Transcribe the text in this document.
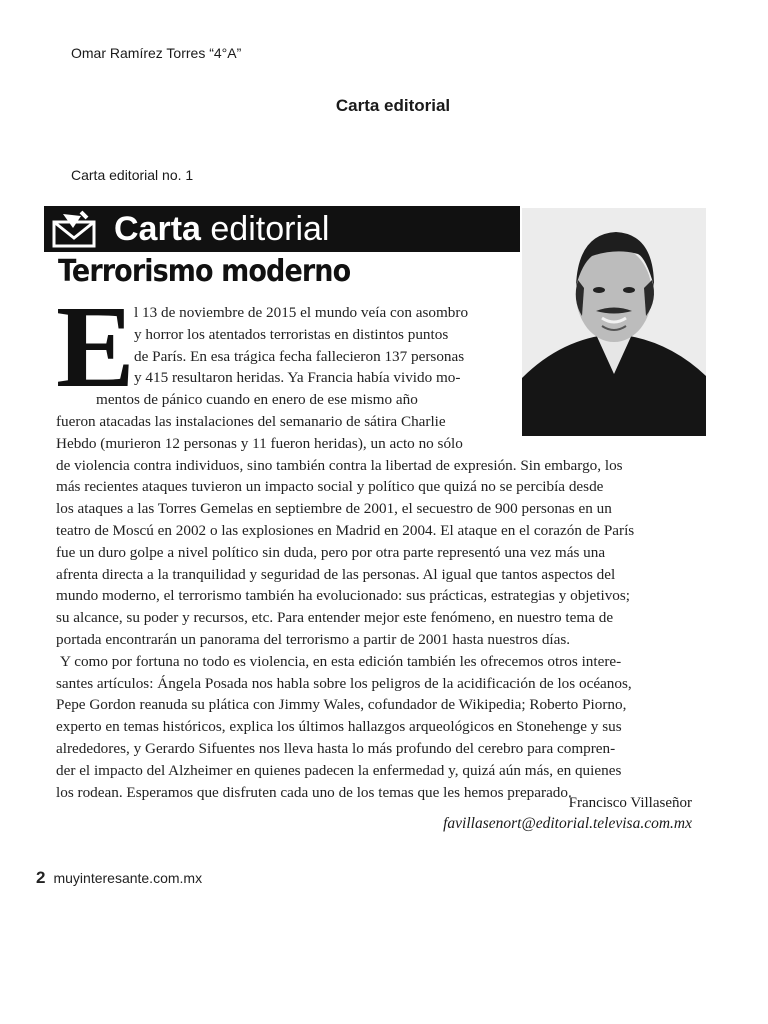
Omar Ramírez Torres “4°A”
Carta editorial
Carta editorial no. 1
Carta editorial
Terrorismo moderno
E l 13 de noviembre de 2015 el mundo veía con asombro
y horror los atentados terroristas en distintos puntos
de París. En esa trágica fecha fallecieron 137 personas
y 415 resultaron heridas. Ya Francia había vivido mo-
mentos de pánico cuando en enero de ese mismo año
fueron atacadas las instalaciones del semanario de sátira Charlie
Hebdo (murieron 12 personas y 11 fueron heridas), un acto no sólo
de violencia contra individuos, sino también contra la libertad de expresión. Sin embargo, los
más recientes ataques tuvieron un impacto social y político que quizá no se percibía desde
los ataques a las Torres Gemelas en septiembre de 2001, el secuestro de 900 personas en un
teatro de Moscú en 2002 o las explosiones en Madrid en 2004. El ataque en el corazón de París
fue un duro golpe a nivel político sin duda, pero por otra parte representó una vez más una
afrenta directa a la tranquilidad y seguridad de las personas. Al igual que tantos aspectos del
mundo moderno, el terrorismo también ha evolucionado: sus prácticas, estrategias y objetivos;
su alcance, su poder y recursos, etc. Para entender mejor este fenómeno, en nuestro tema de
portada encontrarán un panorama del terrorismo a partir de 2001 hasta nuestros días.
Y como por fortuna no todo es violencia, en esta edición también les ofrecemos otros intere-
santes artículos: Ángela Posada nos habla sobre los peligros de la acidificación de los océanos,
Pepe Gordon reanuda su plática con Jimmy Wales, cofundador de Wikipedia; Roberto Piorno,
experto en temas históricos, explica los últimos hallazgos arqueológicos en Stonehenge y sus
alrededores, y Gerardo Sifuentes nos lleva hasta lo más profundo del cerebro para compren-
der el impacto del Alzheimer en quienes padecen la enfermedad y, quizá aún más, en quienes
los rodean. Esperamos que disfruten cada uno de los temas que les hemos preparado.
Francisco Villaseñor
favillasenort@editorial.televisa.com.mx
2 muyinteresante.com.mx
